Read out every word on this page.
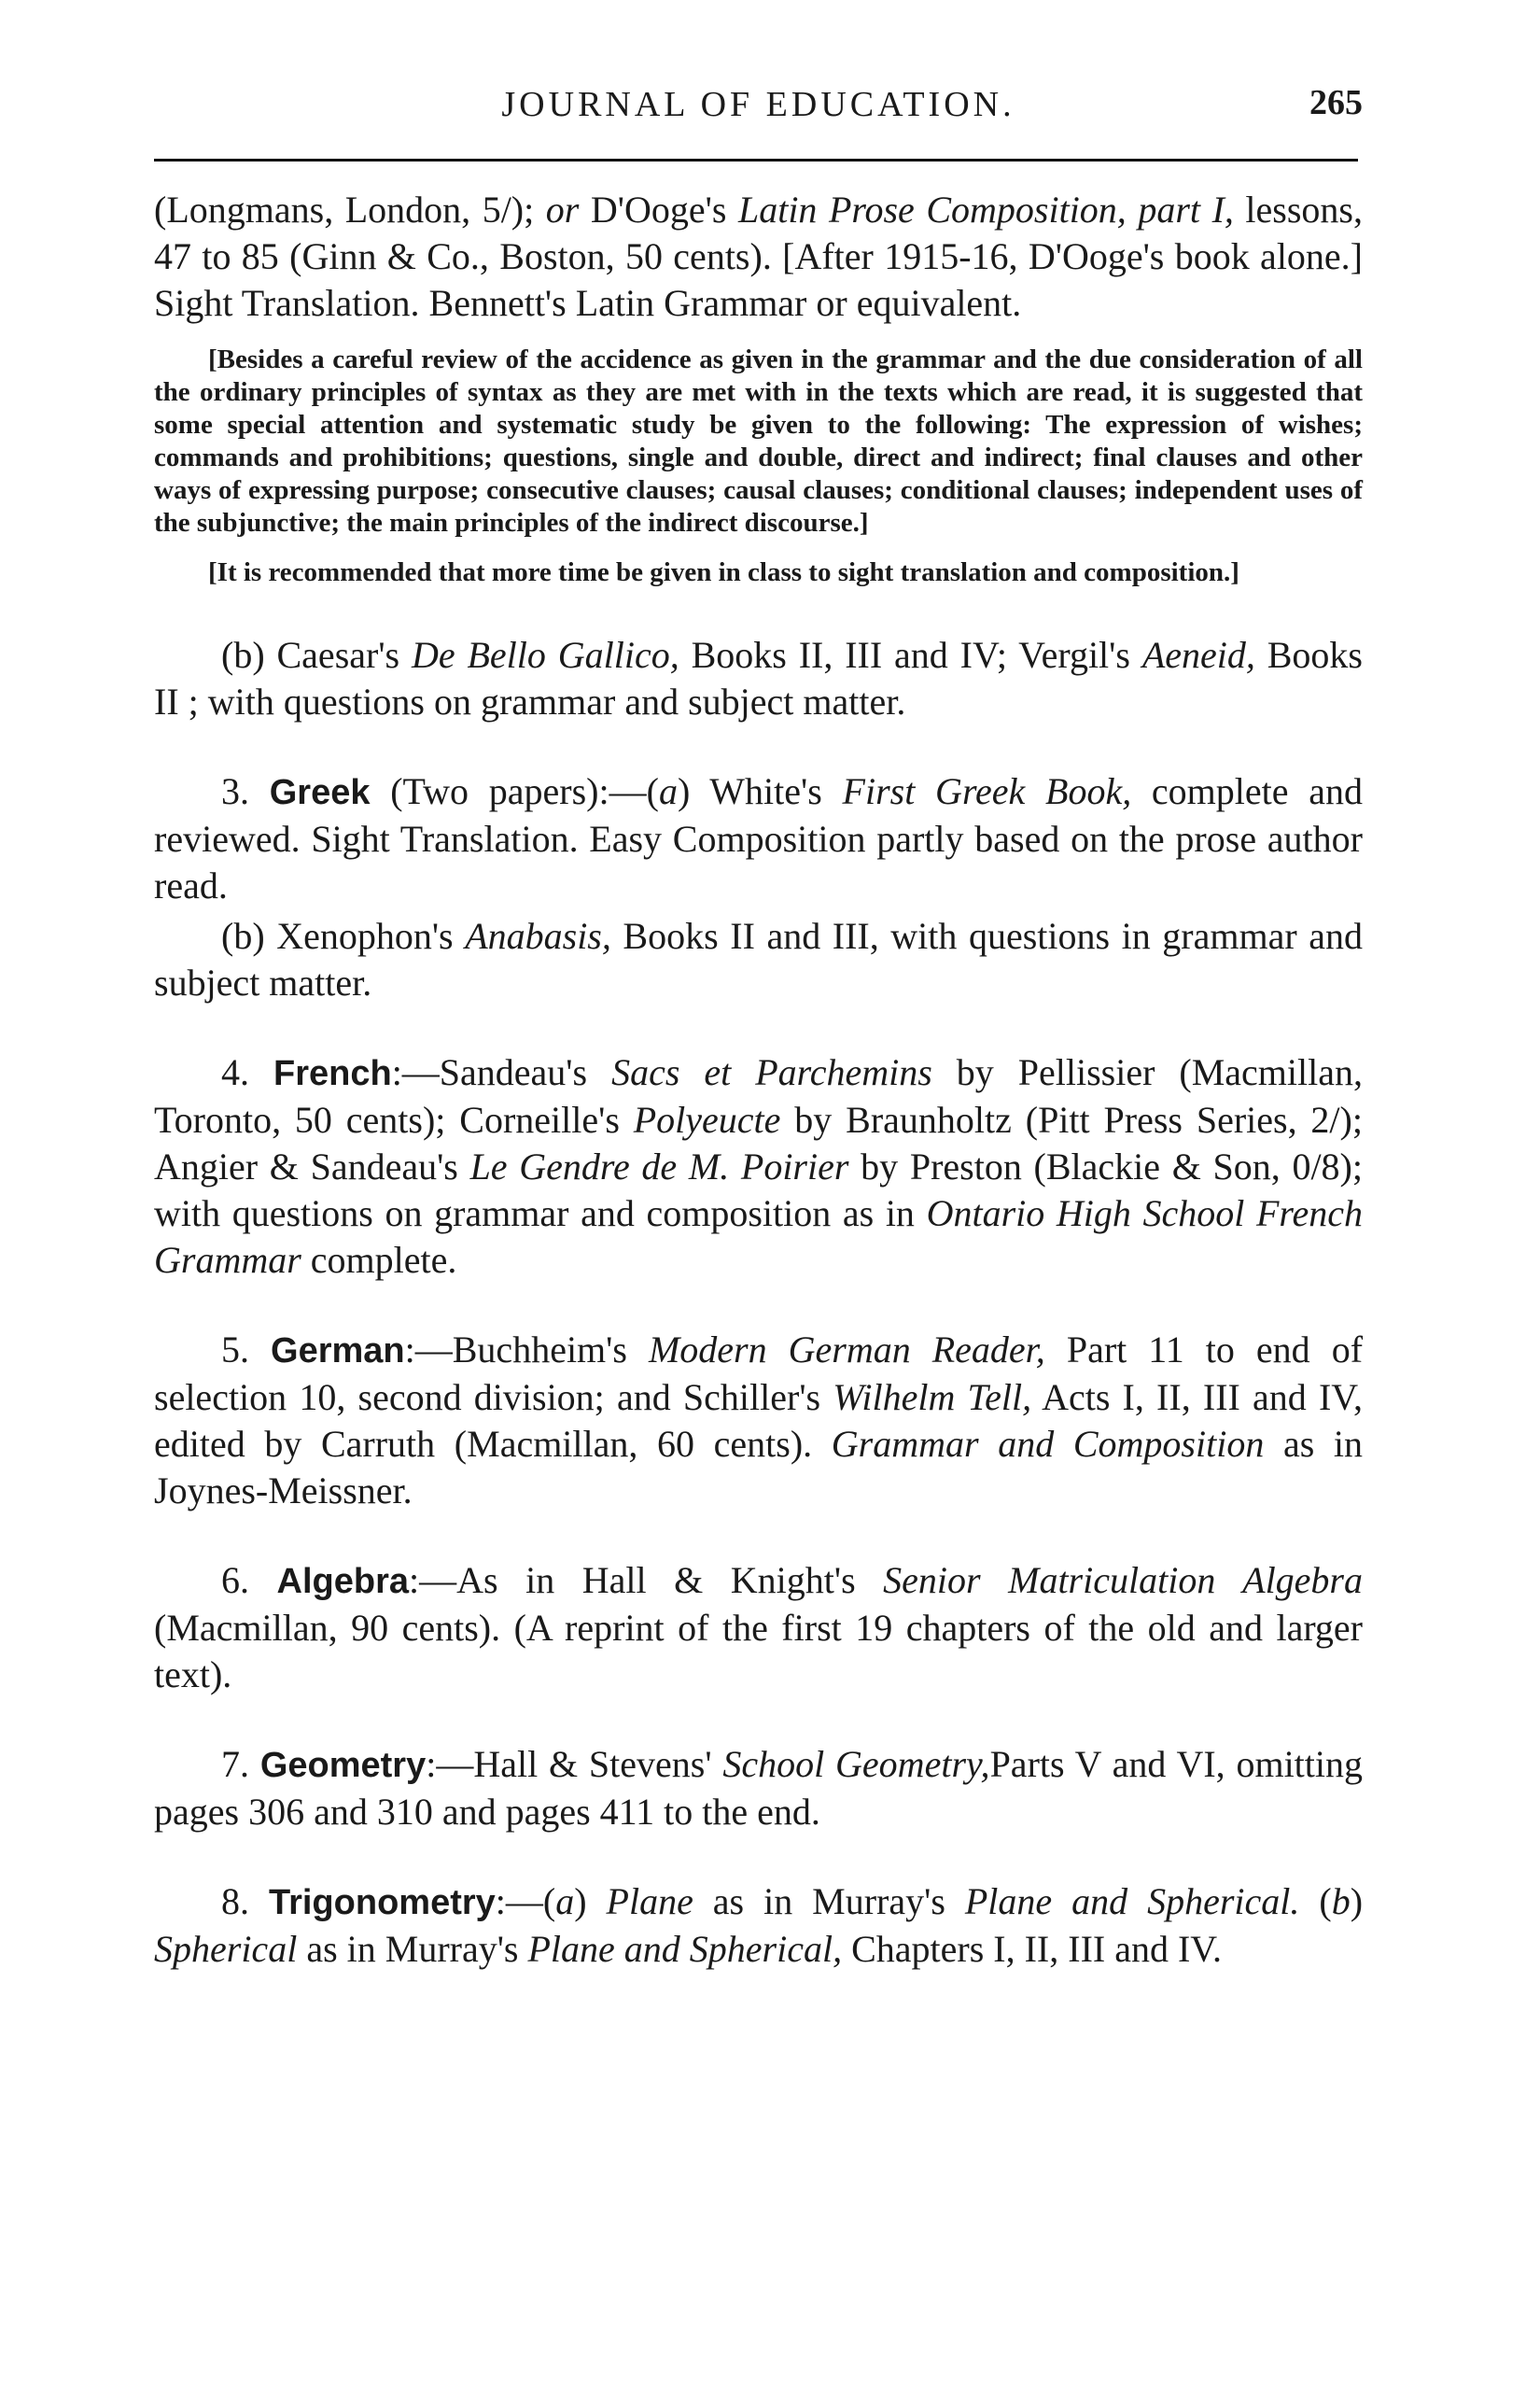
JOURNAL OF EDUCATION.	265

(Longmans, London, 5/); or D'Ooge's Latin Prose Composition, part I, lessons, 47 to 85 (Ginn & Co., Boston, 50 cents). [After 1915-16, D'Ooge's book alone.] Sight Translation. Bennett's Latin Grammar or equivalent.

[Besides a careful review of the accidence as given in the grammar and the due consideration of all the ordinary principles of syntax as they are met with in the texts which are read, it is suggested that some special attention and systematic study be given to the following: The expression of wishes; commands and prohibitions; questions, single and double, direct and indirect; final clauses and other ways of expressing purpose; consecutive clauses; causal clauses; conditional clauses; independent uses of the subjunctive; the main principles of the indirect discourse.]

[It is recommended that more time be given in class to sight translation and composition.]

(b) Caesar's De Bello Gallico, Books II, III and IV; Vergil's Aeneid, Books II ; with questions on grammar and subject matter.

3. Greek (Two papers):—(a) White's First Greek Book, complete and reviewed. Sight Translation. Easy Composition partly based on the prose author read.

(b) Xenophon's Anabasis, Books II and III, with questions in grammar and subject matter.

4. French:—Sandeau's Sacs et Parchemins by Pellissier (Macmillan, Toronto, 50 cents); Corneille's Polyeucte by Braunholtz (Pitt Press Series, 2/); Angier & Sandeau's Le Gendre de M. Poirier by Preston (Blackie & Son, 0/8); with questions on grammar and composition as in Ontario High School French Grammar complete.

5. German:—Buchheim's Modern German Reader, Part 11 to end of selection 10, second division; and Schiller's Wilhelm Tell, Acts I, II, III and IV, edited by Carruth (Macmillan, 60 cents). Grammar and Composition as in Joynes-Meissner.

6. Algebra:—As in Hall & Knight's Senior Matriculation Algebra (Macmillan, 90 cents). (A reprint of the first 19 chapters of the old and larger text).

7. Geometry:—Hall & Stevens' School Geometry,Parts V and VI, omitting pages 306 and 310 and pages 411 to the end.

8. Trigonometry:—(a) Plane as in Murray's Plane and Spherical. (b) Spherical as in Murray's Plane and Spherical, Chapters I, II, III and IV.
